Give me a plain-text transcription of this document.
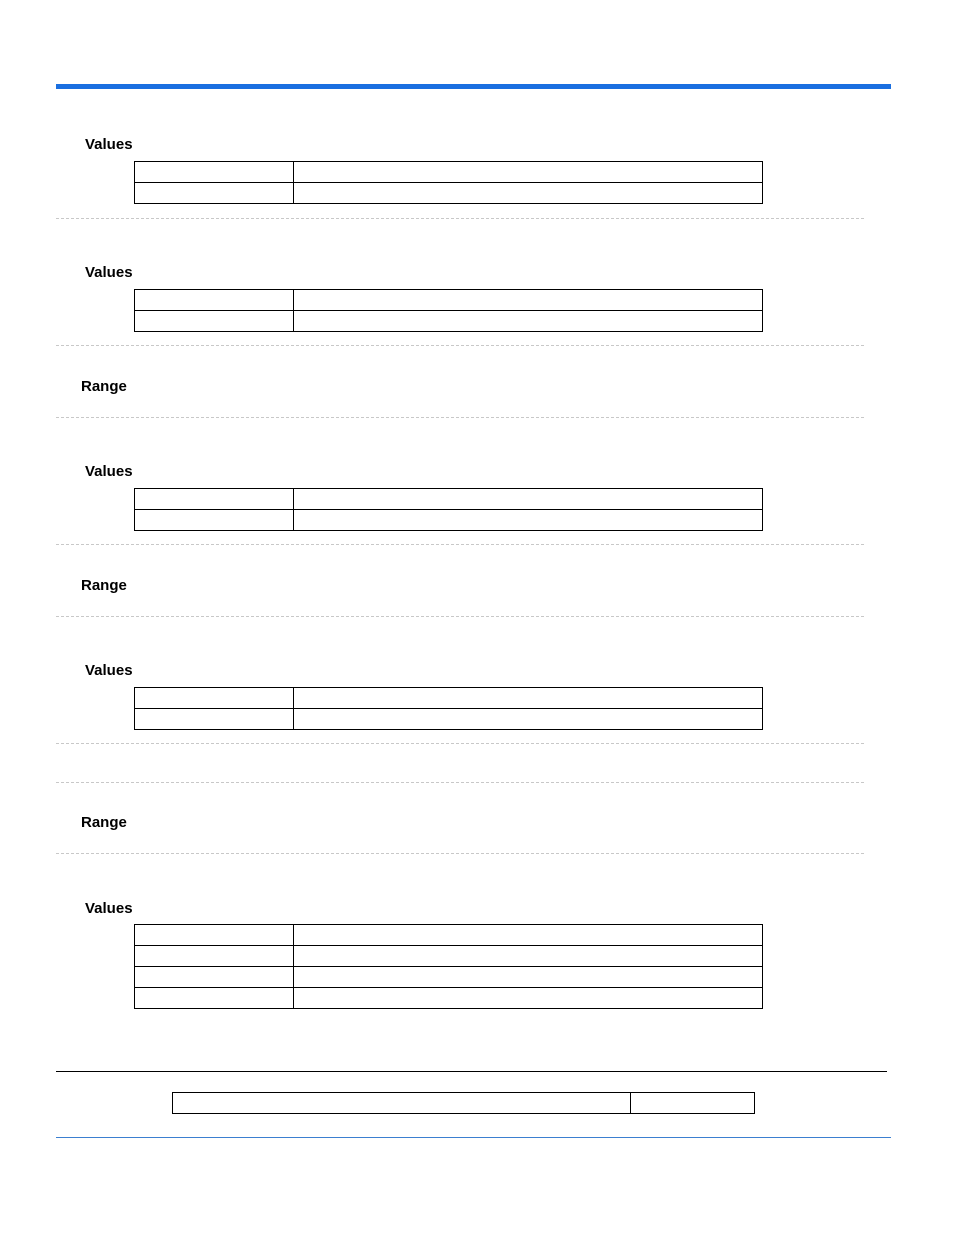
Values

Values

Range
Values

Range
Values

Range
Values
